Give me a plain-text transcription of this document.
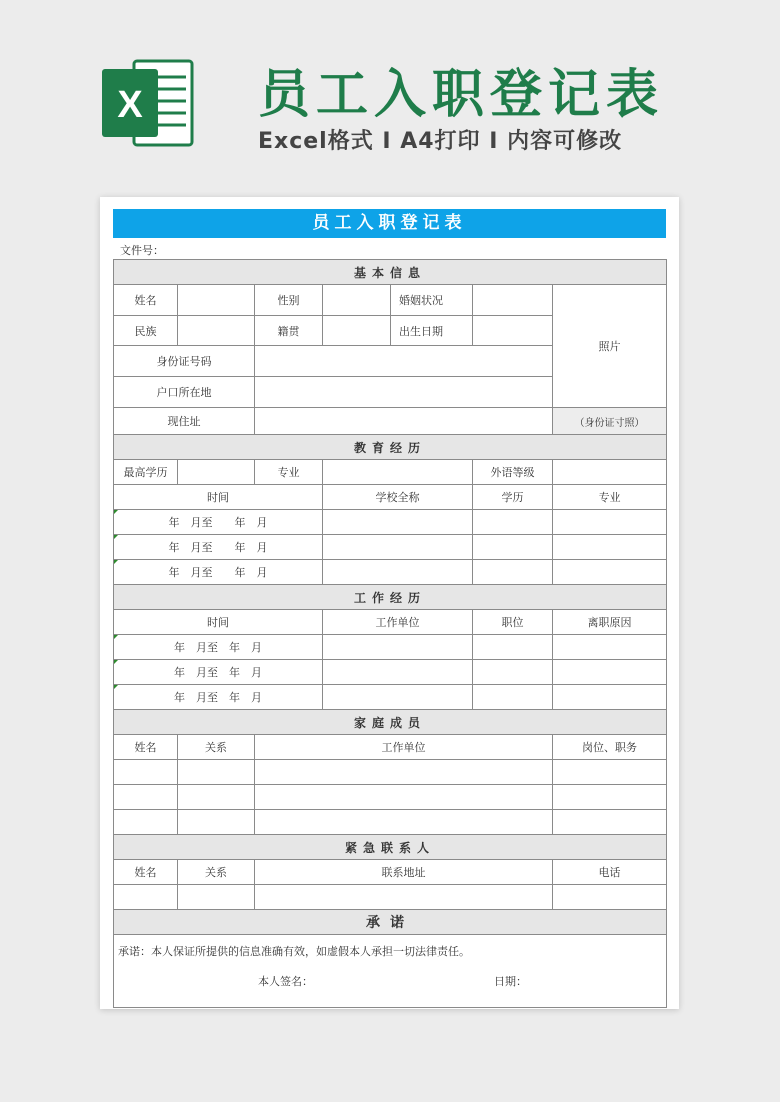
X 员工入职登记表
Excel格式 I A4打印 I 内容可修改
员工入职登记表
文件号：
基本信息						
姓名		性别		婚姻状况		照片
民族		籍贯		出生日期		
身份证号码						
户口所在地						
现住址						（身份证寸照）
教育经历						
最高学历		专业			外语等级	
时间			学校全称		学历	专业

年　月至　　年　月						

年　月至　　年　月						

年　月至　　年　月						
工作经历						
时间			工作单位		职位	离职原因

年　月至　年　月						

年　月至　年　月						

年　月至　年　月						
家庭成员						
姓名	关系	工作单位				岗位、职务

紧急联系人						
姓名	关系	联系地址				电话

承诺						

承诺：本人保证所提供的信息准确有效，如虚假本人承担一切法律责任。
本人签名： 日期：						
